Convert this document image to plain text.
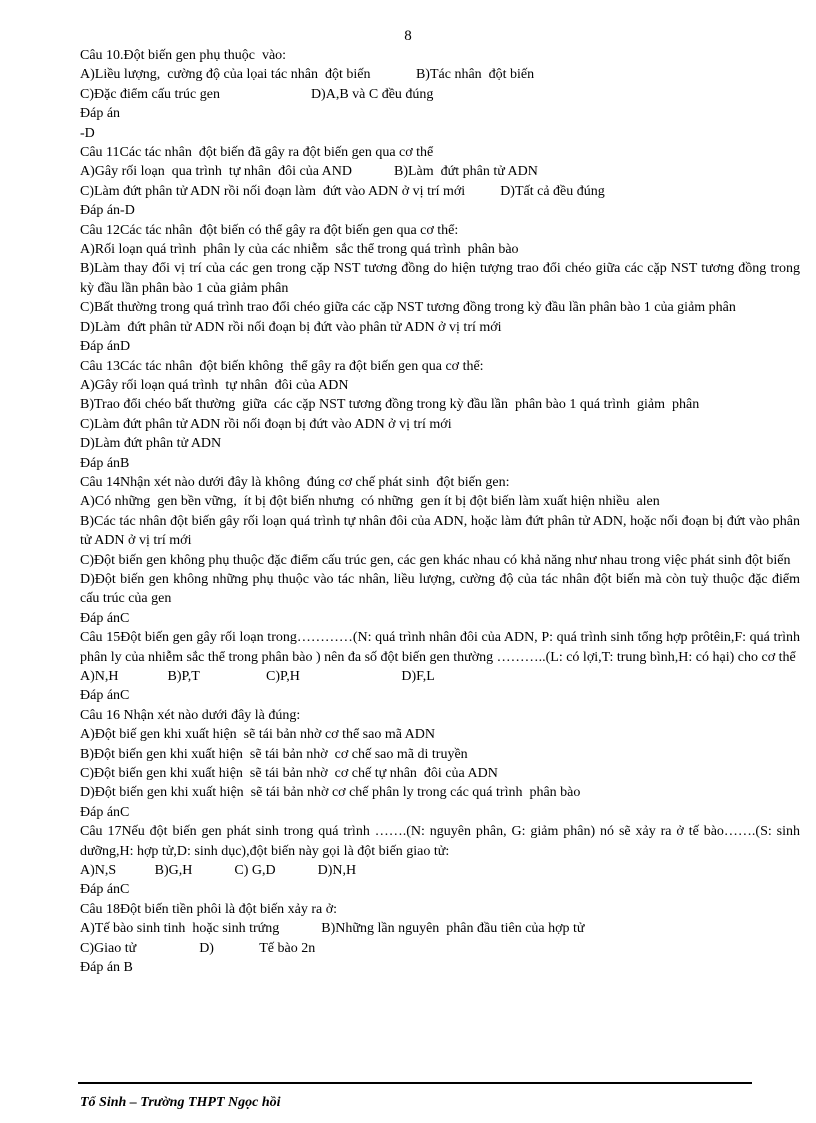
8
Câu 10.Đột biến gen phụ thuộc  vào:
A)Liều lượng,  cường độ của lọai tác nhân  đột biến             B)Tác nhân  đột biến
C)Đặc điểm cấu trúc gen                          D)A,B và C đều đúng
Đáp án
-D
Câu 11Các tác nhân  đột biến đã gây ra đột biến gen qua cơ thể
A)Gây rối loạn  qua trình  tự nhân  đôi của AND            B)Làm  đứt phân tử ADN
C)Làm đứt phân tử ADN rồi nối đoạn làm  đứt vào ADN ở vị trí mới          D)Tất cả đều đúng
Đáp án-D
Câu 12Các tác nhân  đột biến có thể gây ra đột biến gen qua cơ thể:
A)Rối loạn quá trình  phân ly của các nhiễm  sắc thể trong quá trình  phân bào
B)Làm thay đổi vị trí của các gen trong cặp NST tương đồng do hiện tượng trao đổi chéo giữa các cặp NST tương đồng trong kỳ đầu lần phân bào 1 của giảm phân
C)Bất thường trong quá trình trao đổi chéo giữa các cặp NST tương đồng trong kỳ đầu lần phân bào 1 của giảm phân
D)Làm  đứt phân tử ADN rồi nối đoạn bị đứt vào phân tử ADN ở vị trí mới
Đáp ánD
Câu 13Các tác nhân  đột biến không  thể gây ra đột biến gen qua cơ thể:
A)Gây rối loạn quá trình  tự nhân  đôi của ADN
B)Trao đổi chéo bất thường  giữa  các cặp NST tương đồng trong kỳ đầu lần  phân bào 1 quá trình  giảm  phân
C)Làm đứt phân tử ADN rồi nối đoạn bị đứt vào ADN ở vị trí mới
D)Làm đứt phân tử ADN
Đáp ánB
Câu 14Nhận xét nào dưới đây là không  đúng cơ chế phát sinh  đột biến gen:
A)Có những  gen bền vững,  ít bị đột biến nhưng  có những  gen ít bị đột biến làm xuất hiện nhiều  alen
B)Các tác nhân đột biến gây rối loạn quá trình tự nhân đôi của ADN, hoặc làm đứt phân tử ADN, hoặc nối đoạn bị đứt vào phân tử ADN ở vị trí mới
C)Đột biến gen không phụ thuộc đặc điểm cấu trúc gen, các gen khác nhau có khả năng như nhau trong việc phát sinh đột biến
D)Đột biến gen không những phụ thuộc vào tác nhân, liều lượng, cường độ của tác nhân đột biến mà còn tuỳ thuộc đặc điểm cấu trúc của gen
Đáp ánC
Câu 15Đột biến gen gây rối loạn trong…………(N: quá trình nhân đôi của ADN, P: quá trình sinh tổng hợp prôtêin,F: quá trình phân ly của nhiễm sắc thể trong phân bào ) nên đa số đột biến gen thường ………..(L: có lợi,T: trung bình,H: có hại) cho cơ thể
A)N,H              B)P,T                   C)P,H                             D)F,L
Đáp ánC
Câu 16 Nhận xét nào dưới đây là đúng:
A)Đột biế gen khi xuất hiện  sẽ tái bản nhờ cơ thể sao mã ADN
B)Đột biến gen khi xuất hiện  sẽ tái bản nhờ  cơ chế sao mã di truyền
C)Đột biến gen khi xuất hiện  sẽ tái bản nhờ  cơ chế tự nhân  đôi của ADN
D)Đột biến gen khi xuất hiện  sẽ tái bản nhờ cơ chế phân ly trong các quá trình  phân bào
Đáp ánC
Câu 17Nếu đột biến gen phát sinh trong quá trình …….(N: nguyên phân, G: giảm phân) nó sẽ xảy ra ở tế bào…….(S: sinh dưỡng,H: hợp tử,D: sinh dục),đột biến này gọi là đột biến giao tử:
A)N,S           B)G,H            C) G,D            D)N,H
Đáp ánC
Câu 18Đột biến tiền phôi là đột biến xảy ra ở:
A)Tế bào sinh tinh  hoặc sinh trứng            B)Những lần nguyên  phân đầu tiên của hợp tử
C)Giao tử                  D)             Tế bào 2n
Đáp án B
Tổ Sinh – Trường THPT Ngọc hồi
